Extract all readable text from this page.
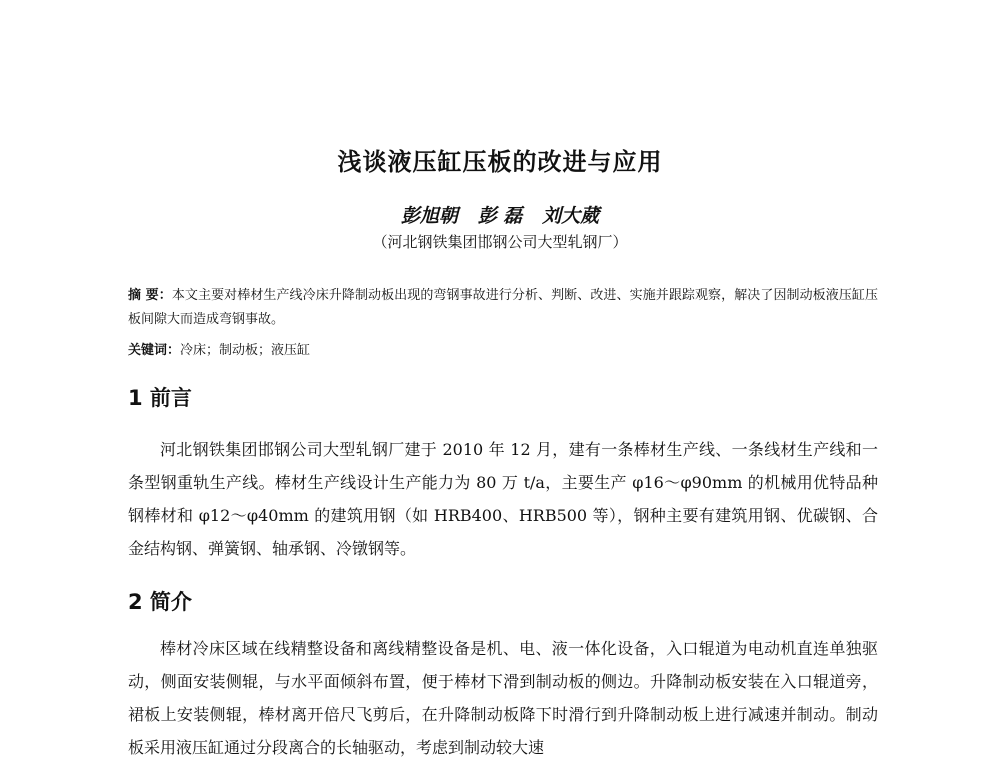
浅谈液压缸压板的改进与应用
彭旭朝   彭 磊   刘大葳
（河北钢铁集团邯钢公司大型轧钢厂）
摘 要：本文主要对棒材生产线冷床升降制动板出现的弯钢事故进行分析、判断、改进、实施并跟踪观察，解决了因制动板液压缸压板间隙大而造成弯钢事故。
关键词：冷床；制动板；液压缸
1 前言
河北钢铁集团邯钢公司大型轧钢厂建于 2010 年 12 月，建有一条棒材生产线、一条线材生产线和一条型钢重轨生产线。棒材生产线设计生产能力为 80 万 t/a，主要生产 φ16～φ90mm 的机械用优特品种钢棒材和 φ12～φ40mm 的建筑用钢（如 HRB400、HRB500 等），钢种主要有建筑用钢、优碳钢、合金结构钢、弹簧钢、轴承钢、冷镦钢等。
2 简介
棒材冷床区域在线精整设备和离线精整设备是机、电、液一体化设备，入口辊道为电动机直连单独驱动，侧面安装侧辊，与水平面倾斜布置，便于棒材下滑到制动板的侧边。升降制动板安装在入口辊道旁，裙板上安装侧辊，棒材离开倍尺飞剪后，在升降制动板降下时滑行到升降制动板上进行减速并制动。制动板采用液压缸通过分段离合的长轴驱动，考虑到制动较大速
